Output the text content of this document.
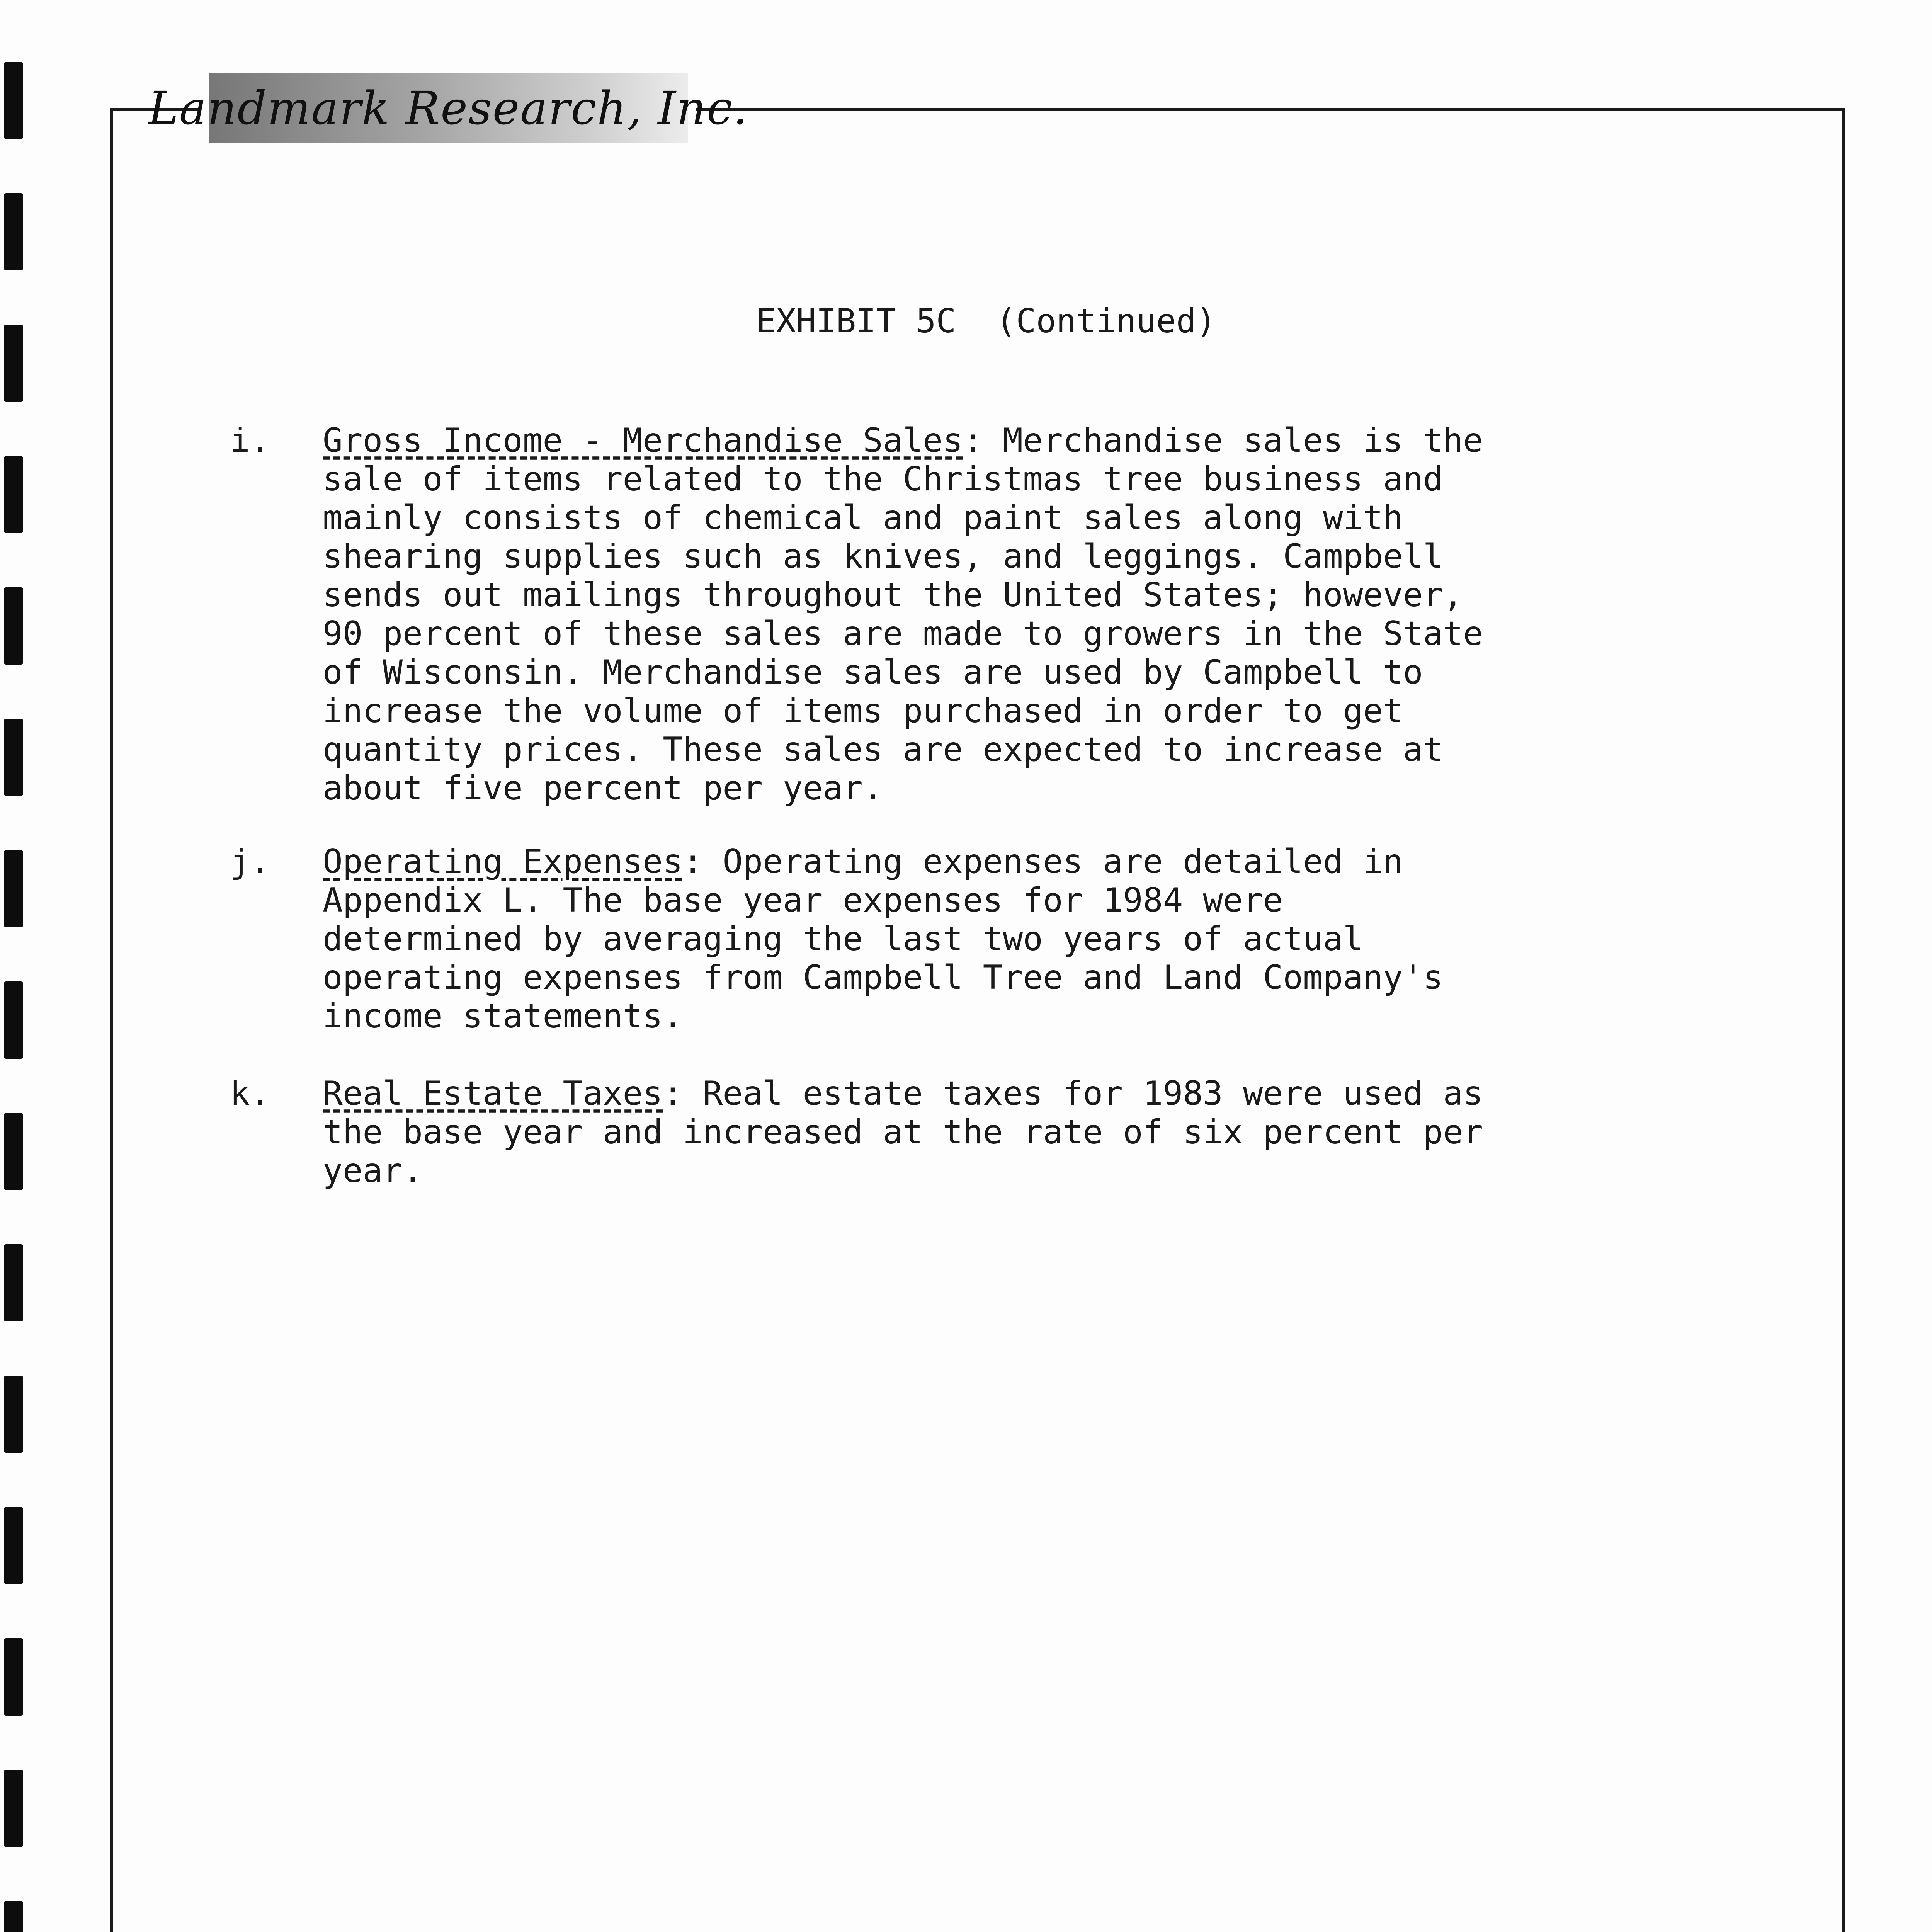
Landmark Research, Inc.
EXHIBIT 5C  (Continued)
i.	Gross Income - Merchandise Sales: Merchandise sales is the
sale of items related to the Christmas tree business and
mainly consists of chemical and paint sales along with
shearing supplies such as knives, and leggings. Campbell
sends out mailings throughout the United States; however,
90 percent of these sales are made to growers in the State
of Wisconsin. Merchandise sales are used by Campbell to
increase the volume of items purchased in order to get
quantity prices. These sales are expected to increase at
about five percent per year.
j.	Operating Expenses: Operating expenses are detailed in
Appendix L. The base year expenses for 1984 were
determined by averaging the last two years of actual
operating expenses from Campbell Tree and Land Company's
income statements.
k.	Real Estate Taxes: Real estate taxes for 1983 were used as
the base year and increased at the rate of six percent per
year.
